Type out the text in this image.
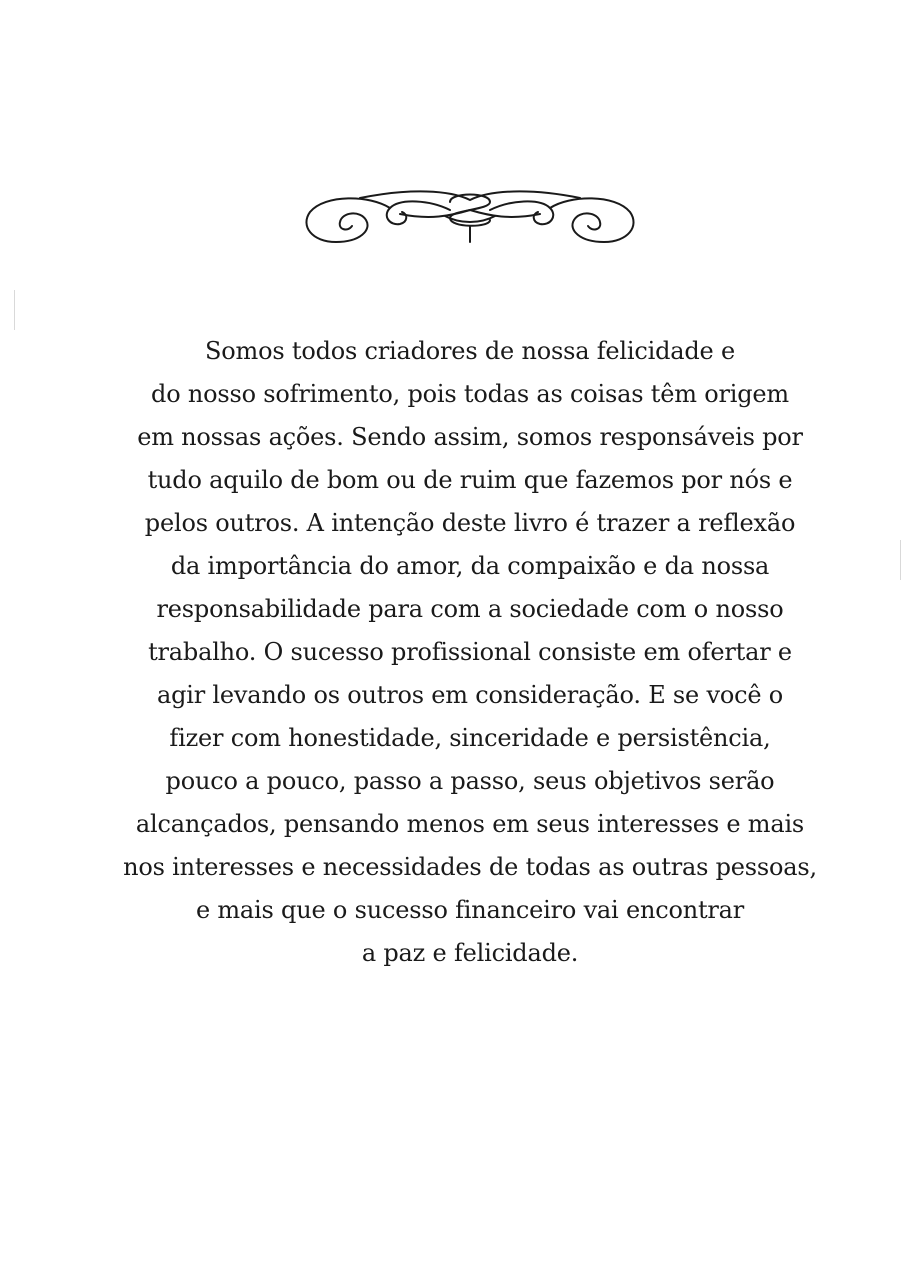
Somos todos criadores de nossa felicidade e
do nosso sofrimento, pois todas as coisas têm origem
em nossas ações. Sendo assim, somos responsáveis por
tudo aquilo de bom ou de ruim que fazemos por nós e
pelos outros. A intenção deste livro é trazer a reflexão
da importância do amor, da compaixão e da nossa
responsabilidade para com a sociedade com o nosso
trabalho. O sucesso profissional consiste em ofertar e
agir levando os outros em consideração. E se você o
fizer com honestidade, sinceridade e persistência,
pouco a pouco, passo a passo, seus objetivos serão
alcançados, pensando menos em seus interesses e mais
nos interesses e necessidades de todas as outras pessoas,
e mais que o sucesso financeiro vai encontrar
a paz e felicidade.
